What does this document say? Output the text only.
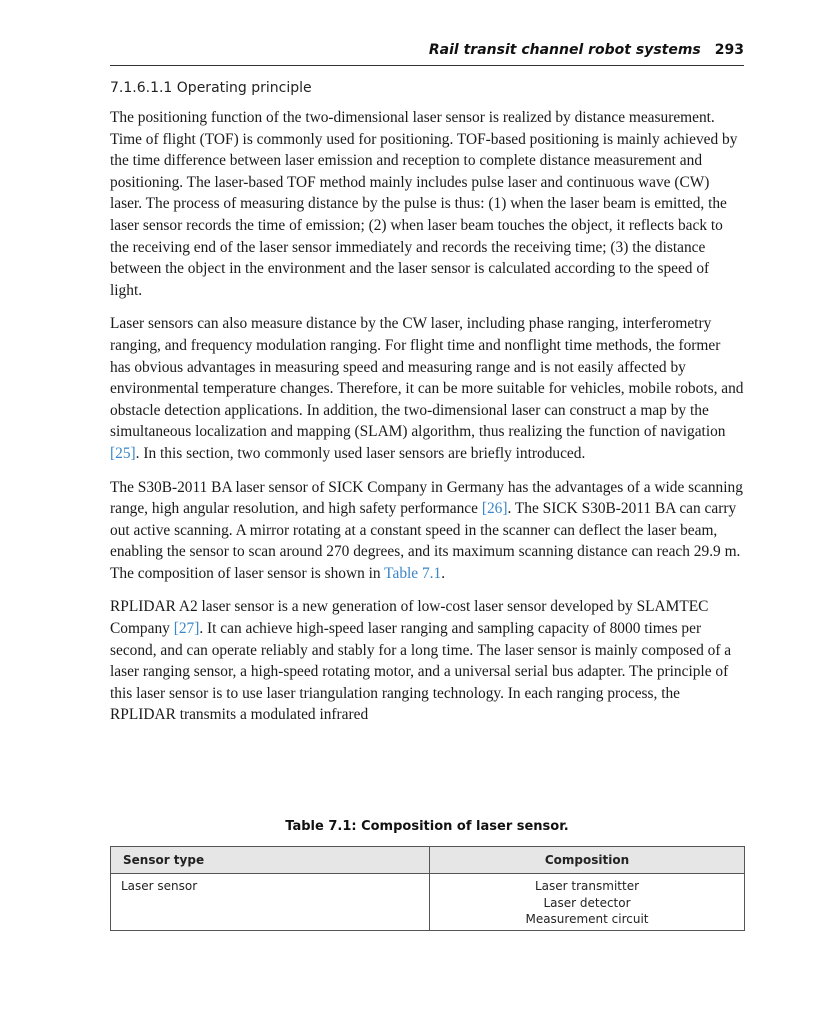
Rail transit channel robot systems 293
7.1.6.1.1 Operating principle

The positioning function of the two-dimensional laser sensor is realized by distance measurement. Time of flight (TOF) is commonly used for positioning. TOF-based positioning is mainly achieved by the time difference between laser emission and reception to complete distance measurement and positioning. The laser-based TOF method mainly includes pulse laser and continuous wave (CW) laser. The process of measuring distance by the pulse is thus: (1) when the laser beam is emitted, the laser sensor records the time of emission; (2) when laser beam touches the object, it reflects back to the receiving end of the laser sensor immediately and records the receiving time; (3) the distance between the object in the environment and the laser sensor is calculated according to the speed of light.

Laser sensors can also measure distance by the CW laser, including phase ranging, interferometry ranging, and frequency modulation ranging. For flight time and nonflight time methods, the former has obvious advantages in measuring speed and measuring range and is not easily affected by environmental temperature changes. Therefore, it can be more suitable for vehicles, mobile robots, and obstacle detection applications. In addition, the two-dimensional laser can construct a map by the simultaneous localization and mapping (SLAM) algorithm, thus realizing the function of navigation [25]. In this section, two commonly used laser sensors are briefly introduced.

The S30B-2011 BA laser sensor of SICK Company in Germany has the advantages of a wide scanning range, high angular resolution, and high safety performance [26]. The SICK S30B-2011 BA can carry out active scanning. A mirror rotating at a constant speed in the scanner can deflect the laser beam, enabling the sensor to scan around 270 degrees, and its maximum scanning distance can reach 29.9 m. The composition of laser sensor is shown in Table 7.1.

RPLIDAR A2 laser sensor is a new generation of low-cost laser sensor developed by SLAMTEC Company [27]. It can achieve high-speed laser ranging and sampling capacity of 8000 times per second, and can operate reliably and stably for a long time. The laser sensor is mainly composed of a laser ranging sensor, a high-speed rotating motor, and a universal serial bus adapter. The principle of this laser sensor is to use laser triangulation ranging technology. In each ranging process, the RPLIDAR transmits a modulated infrared

Table 7.1: Composition of laser sensor.
Sensor type	Composition
Laser sensor	Laser transmitter
Laser detector
Measurement circuit
